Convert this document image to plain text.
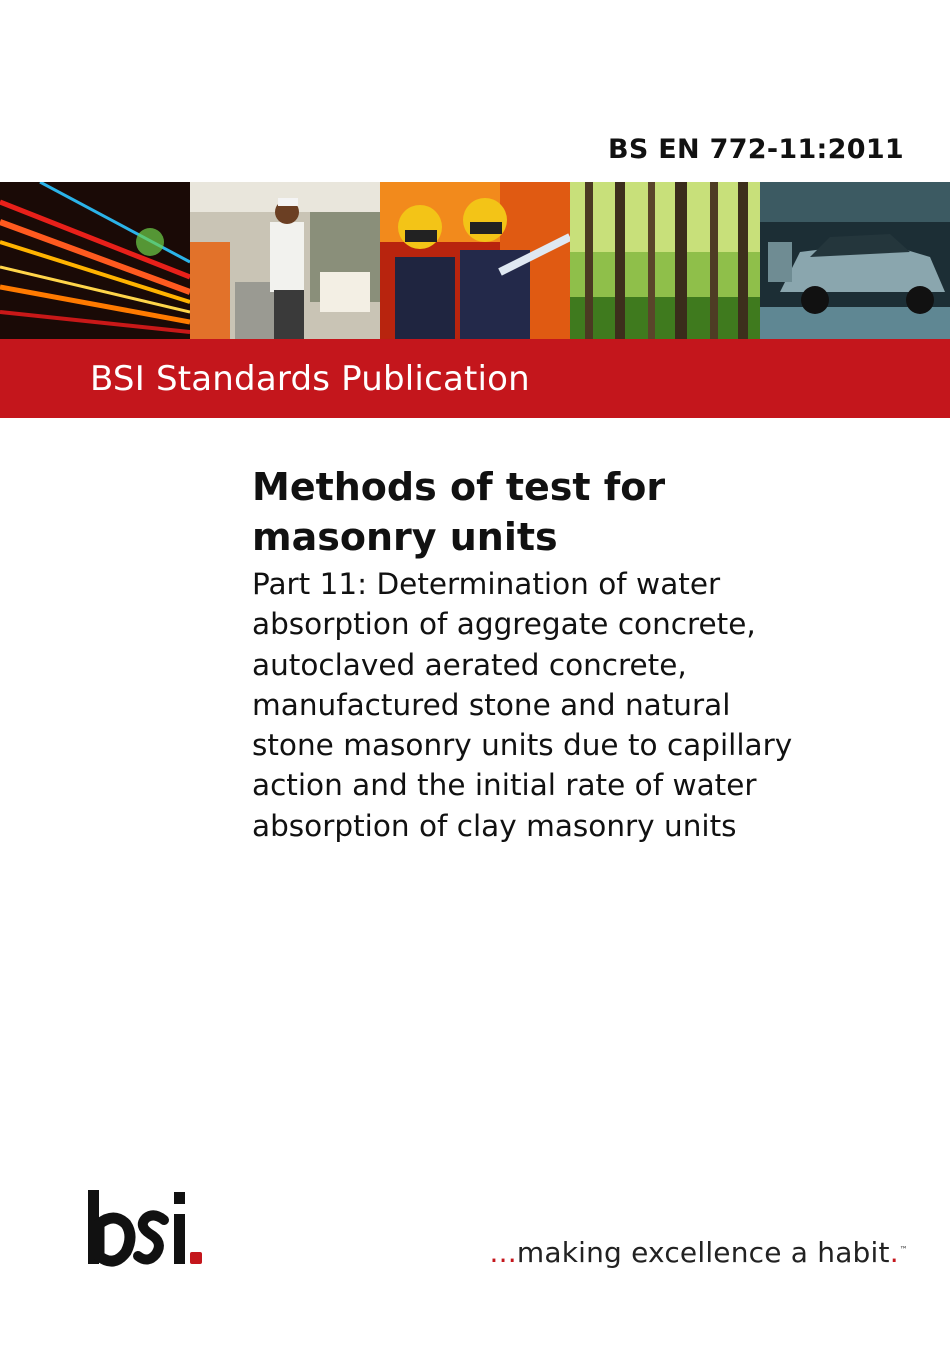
BS EN 772-11:2011
BSI Standards Publication
Methods of test for
masonry units

Part 11: Determination of water
absorption of aggregate concrete,
autoclaved aerated concrete,
manufactured stone and natural
stone masonry units due to capillary
action and the initial rate of water
absorption of clay masonry units

...making excellence a habit.™
